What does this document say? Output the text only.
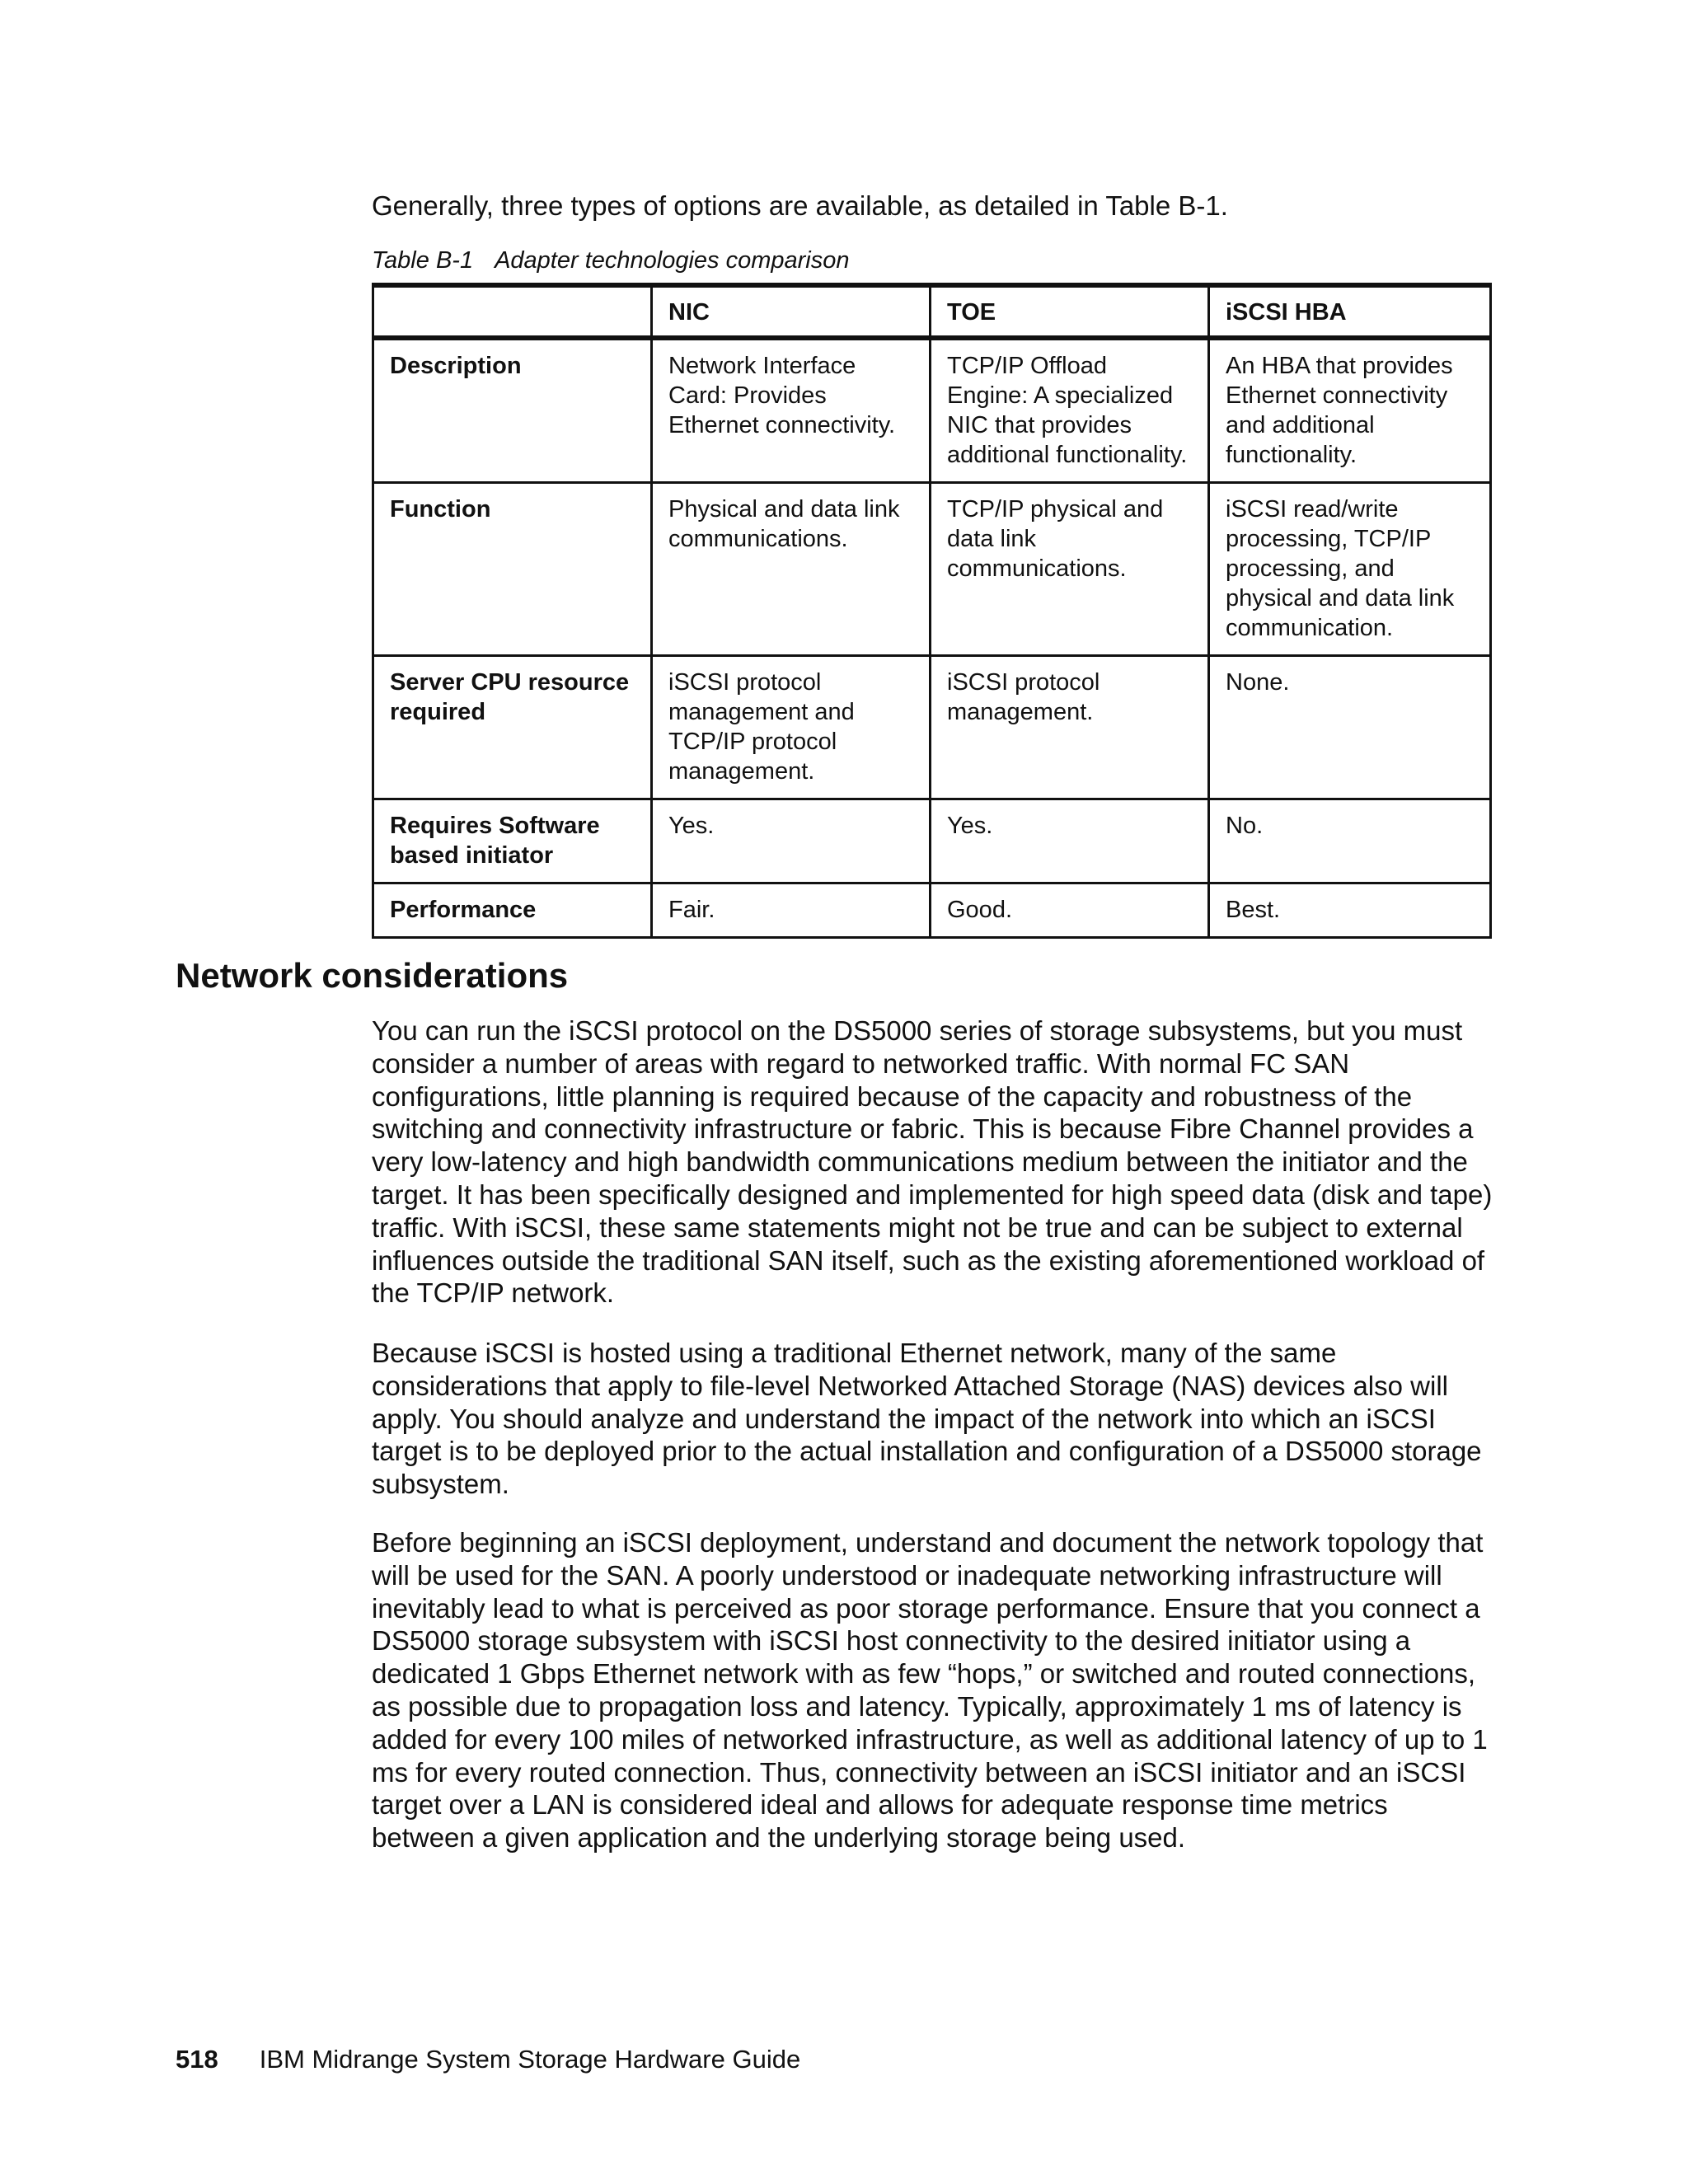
Generally, three types of options are available, as detailed in Table B-1.

Table B-1 Adapter technologies comparison

	NIC	TOE	iSCSI HBA
Description	Network Interface Card: Provides Ethernet connectivity.	TCP/IP Offload Engine: A specialized NIC that provides additional functionality.	An HBA that provides Ethernet connectivity and additional functionality.
Function	Physical and data link communications.	TCP/IP physical and data link communications.	iSCSI read/write processing, TCP/IP processing, and physical and data link communication.
Server CPU resource required	iSCSI protocol management and TCP/IP protocol management.	iSCSI protocol management.	None.
Requires Software based initiator	Yes.	Yes.	No.
Performance	Fair.	Good.	Best.
Network considerations

You can run the iSCSI protocol on the DS5000 series of storage subsystems, but you must consider a number of areas with regard to networked traffic. With normal FC SAN configurations, little planning is required because of the capacity and robustness of the switching and connectivity infrastructure or fabric. This is because Fibre Channel provides a very low-latency and high bandwidth communications medium between the initiator and the target. It has been specifically designed and implemented for high speed data (disk and tape) traffic. With iSCSI, these same statements might not be true and can be subject to external influences outside the traditional SAN itself, such as the existing aforementioned workload of the TCP/IP network.

Because iSCSI is hosted using a traditional Ethernet network, many of the same considerations that apply to file-level Networked Attached Storage (NAS) devices also will apply. You should analyze and understand the impact of the network into which an iSCSI target is to be deployed prior to the actual installation and configuration of a DS5000 storage subsystem.

Before beginning an iSCSI deployment, understand and document the network topology that will be used for the SAN. A poorly understood or inadequate networking infrastructure will inevitably lead to what is perceived as poor storage performance. Ensure that you connect a DS5000 storage subsystem with iSCSI host connectivity to the desired initiator using a dedicated 1 Gbps Ethernet network with as few “hops,” or switched and routed connections, as possible due to propagation loss and latency. Typically, approximately 1 ms of latency is added for every 100 miles of networked infrastructure, as well as additional latency of up to 1 ms for every routed connection. Thus, connectivity between an iSCSI initiator and an iSCSI target over a LAN is considered ideal and allows for adequate response time metrics between a given application and the underlying storage being used.

518 IBM Midrange System Storage Hardware Guide
